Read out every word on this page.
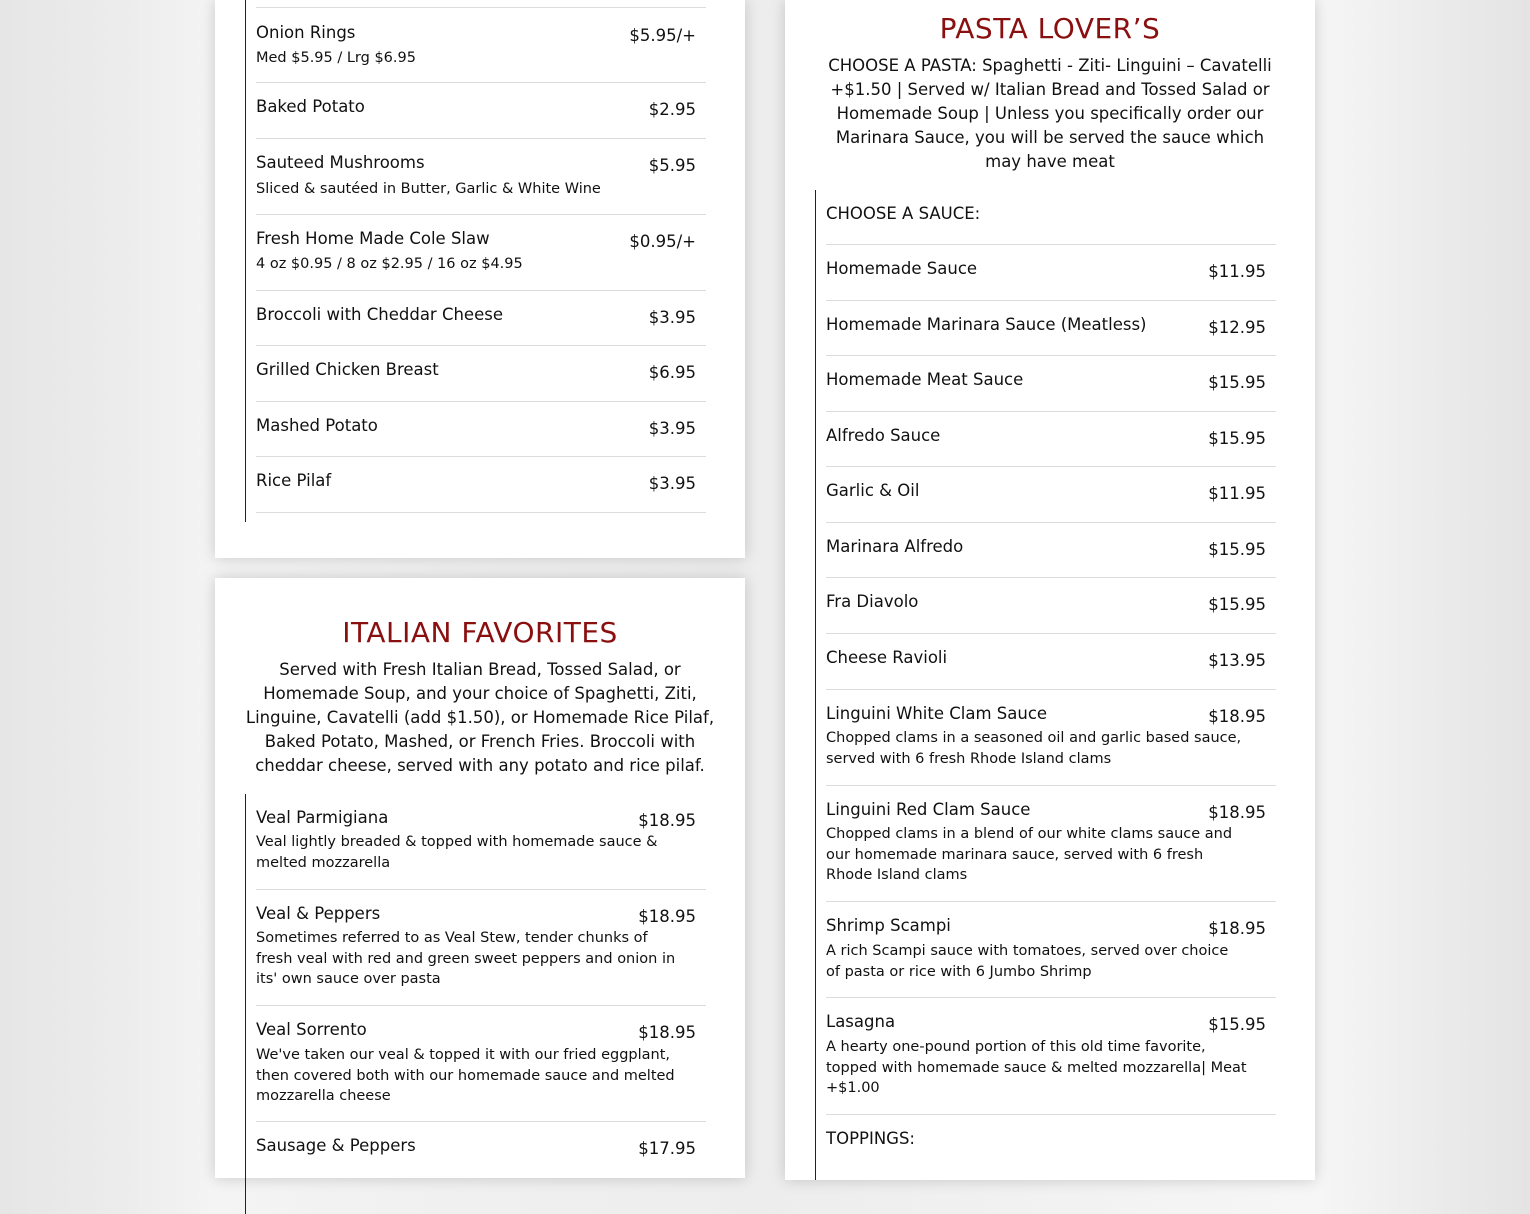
Onion Rings	$5.95/+
Med $5.95 / Lrg $6.95
Baked Potato	$2.95
Sauteed Mushrooms	$5.95
Sliced & sautéed in Butter, Garlic & White Wine
Fresh Home Made Cole Slaw	$0.95/+
4 oz $0.95 / 8 oz $2.95 / 16 oz $4.95
Broccoli with Cheddar Cheese	$3.95
Grilled Chicken Breast	$6.95
Mashed Potato	$3.95
Rice Pilaf	$3.95
ITALIAN FAVORITES
Served with Fresh Italian Bread, Tossed Salad, or Homemade Soup, and your choice of Spaghetti, Ziti, Linguine, Cavatelli (add $1.50), or Homemade Rice Pilaf, Baked Potato, Mashed, or French Fries. Broccoli with cheddar cheese, served with any potato and rice pilaf.
Veal Parmigiana	$18.95
Veal lightly breaded & topped with homemade sauce & melted mozzarella
Veal & Peppers	$18.95
Sometimes referred to as Veal Stew, tender chunks of fresh veal with red and green sweet peppers and onion in its' own sauce over pasta
Veal Sorrento	$18.95
We've taken our veal & topped it with our fried eggplant, then covered both with our homemade sauce and melted mozzarella cheese
Sausage & Peppers	$17.95
PASTA LOVER’S
CHOOSE A PASTA: Spaghetti - Ziti- Linguini – Cavatelli +$1.50 | Served w/ Italian Bread and Tossed Salad or Homemade Soup | Unless you specifically order our Marinara Sauce, you will be served the sauce which may have meat
CHOOSE A SAUCE:
Homemade Sauce	$11.95
Homemade Marinara Sauce (Meatless)	$12.95
Homemade Meat Sauce	$15.95
Alfredo Sauce	$15.95
Garlic & Oil	$11.95
Marinara Alfredo	$15.95
Fra Diavolo	$15.95
Cheese Ravioli	$13.95
Linguini White Clam Sauce	$18.95
Chopped clams in a seasoned oil and garlic based sauce, served with 6 fresh Rhode Island clams
Linguini Red Clam Sauce	$18.95
Chopped clams in a blend of our white clams sauce and our homemade marinara sauce, served with 6 fresh Rhode Island clams
Shrimp Scampi	$18.95
A rich Scampi sauce with tomatoes, served over choice of pasta or rice with 6 Jumbo Shrimp
Lasagna	$15.95
A hearty one-pound portion of this old time favorite, topped with homemade sauce & melted mozzarella| Meat +$1.00
TOPPINGS:
